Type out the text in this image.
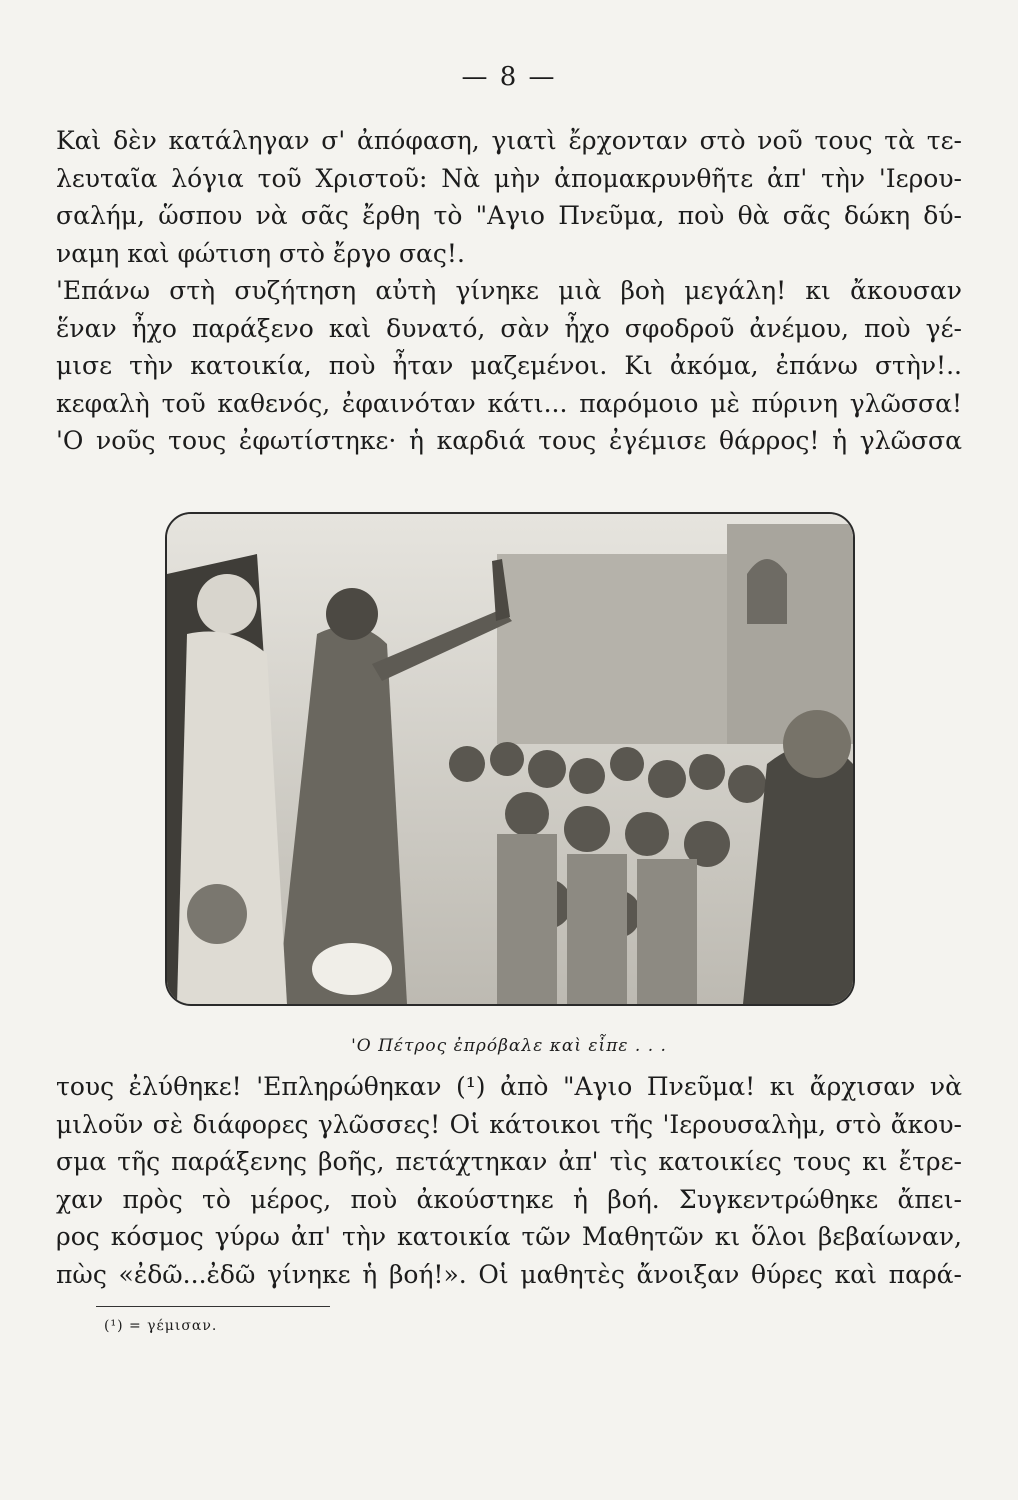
— 8 —
Καὶ δὲν κατάληγαν σ' ἀπόφαση, γιατὶ ἔρχονταν στὸ νοῦ τους τὰ τε-
λευταῖα λόγια τοῦ Χριστοῦ: Νὰ μὴν ἀπομακρυνθῆτε ἀπ' τὴν 'Ιερου-
σαλήμ, ὥσπου νὰ σᾶς ἔρθη τὸ "Αγιο Πνεῦμα, ποὺ θὰ σᾶς δώκη δύ-
ναμη καὶ φώτιση στὸ ἔργο σας!.
'Επάνω στὴ συζήτηση αὐτὴ γίνηκε μιὰ βοὴ μεγάλη! κι ἄκουσαν
ἕναν ἦχο παράξενο καὶ δυνατό, σὰν ἦχο σφοδροῦ ἀνέμου, ποὺ γέ-
μισε τὴν κατοικία, ποὺ ἦταν μαζεμένοι. Κι ἀκόμα, ἐπάνω στὴν!..
κεφαλὴ τοῦ καθενός, ἐφαινόταν κάτι... παρόμοιο μὲ πύρινη γλῶσσα!
'Ο νοῦς τους ἐφωτίστηκε· ἡ καρδιά τους ἐγέμισε θάρρος! ἡ γλῶσσα
'Ο Πέτρος ἐπρόβαλε καὶ εἶπε . . .
τους ἐλύθηκε! 'Επληρώθηκαν (¹) ἀπὸ "Αγιο Πνεῦμα! κι ἄρχισαν νὰ
μιλοῦν σὲ διάφορες γλῶσσες! Οἱ κάτοικοι τῆς 'Ιερουσαλὴμ, στὸ ἄκου-
σμα τῆς παράξενης βοῆς, πετάχτηκαν ἀπ' τὶς κατοικίες τους κι ἔτρε-
χαν πρὸς τὸ μέρος, ποὺ ἀκούστηκε ἡ βοή. Συγκεντρώθηκε ἄπει-
ρος κόσμος γύρω ἀπ' τὴν κατοικία τῶν Μαθητῶν κι ὅλοι βεβαίωναν,
πὼς «ἐδῶ...ἐδῶ γίνηκε ἡ βοή!». Οἱ μαθητὲς ἄνοιξαν θύρες καὶ παρά-
(¹) = γέμισαν.
